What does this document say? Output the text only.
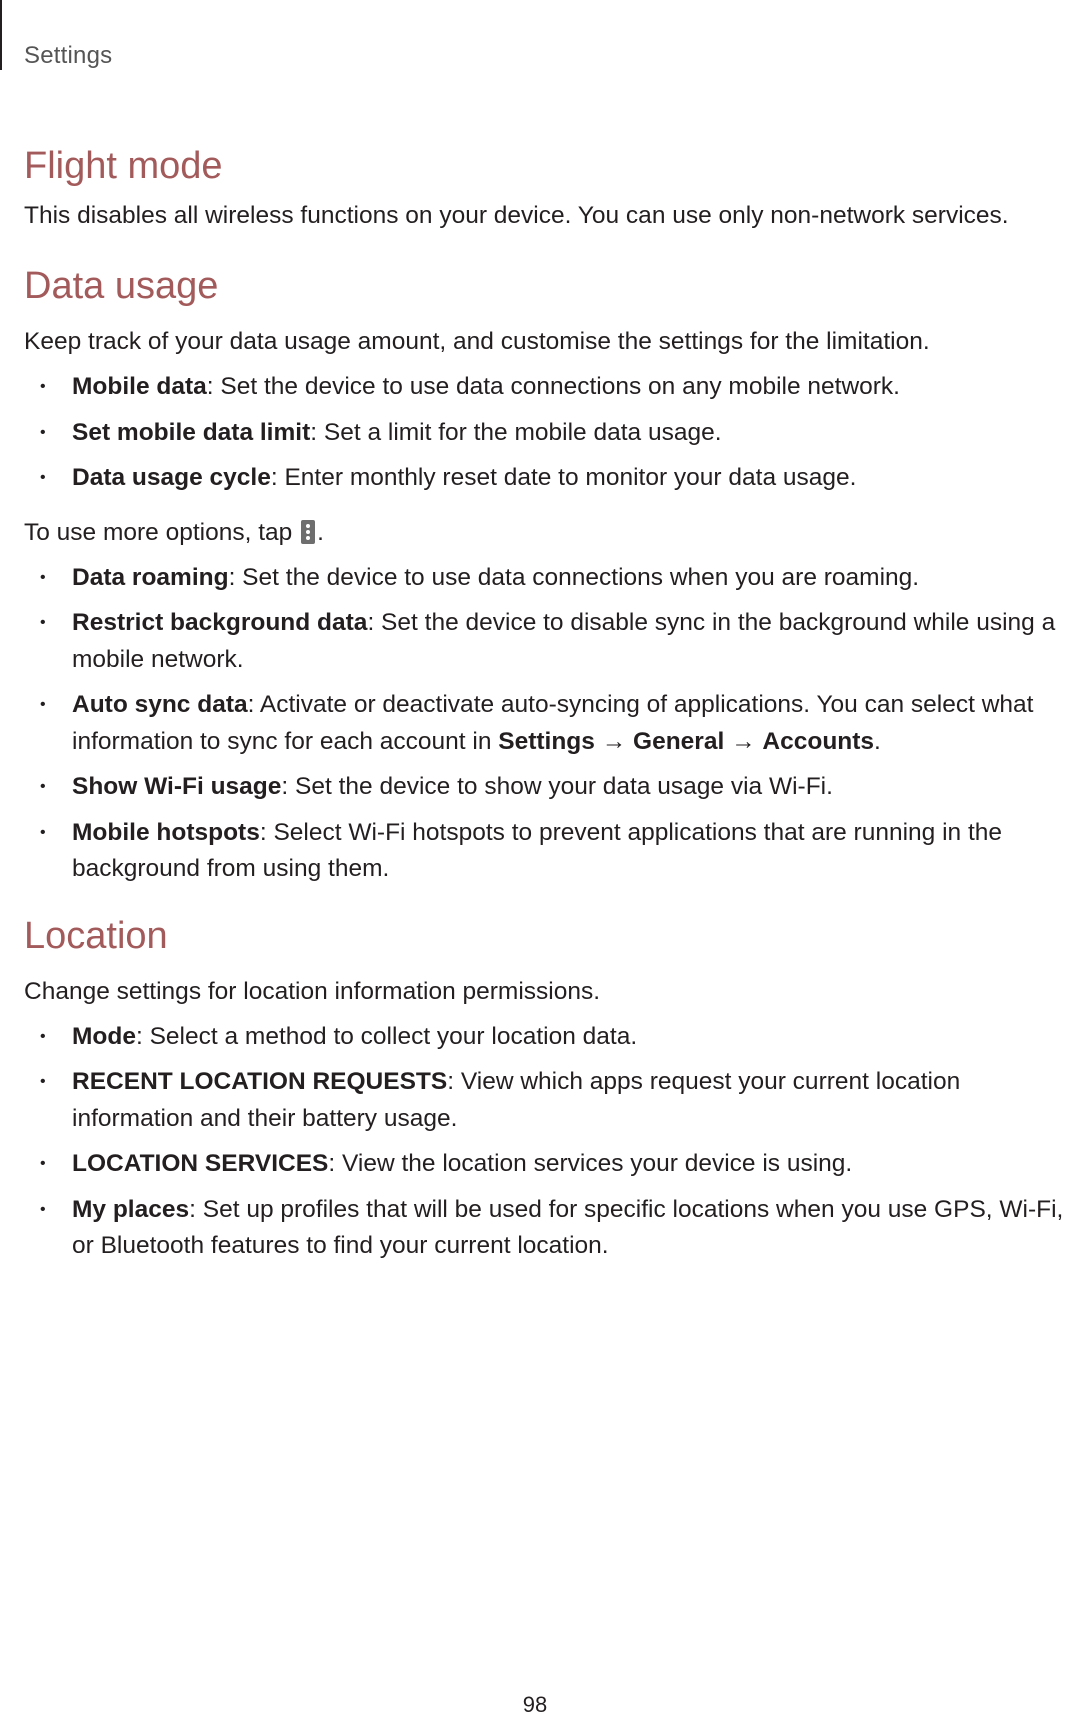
Settings
Flight mode

This disables all wireless functions on your device. You can use only non-network services.

Data usage

Keep track of your data usage amount, and customise the settings for the limitation.

• Mobile data: Set the device to use data connections on any mobile network.
• Set mobile data limit: Set a limit for the mobile data usage.
• Data usage cycle: Enter monthly reset date to monitor your data usage.

To use more options, tap .

• Data roaming: Set the device to use data connections when you are roaming.
• Restrict background data: Set the device to disable sync in the background while using a mobile network.
• Auto sync data: Activate or deactivate auto-syncing of applications. You can select what information to sync for each account in Settings → General → Accounts.
• Show Wi-Fi usage: Set the device to show your data usage via Wi-Fi.
• Mobile hotspots: Select Wi-Fi hotspots to prevent applications that are running in the background from using them.
Location

Change settings for location information permissions.

• Mode: Select a method to collect your location data.
• RECENT LOCATION REQUESTS: View which apps request your current location information and their battery usage.
• LOCATION SERVICES: View the location services your device is using.
• My places: Set up profiles that will be used for specific locations when you use GPS, Wi-Fi, or Bluetooth features to find your current location.
98
